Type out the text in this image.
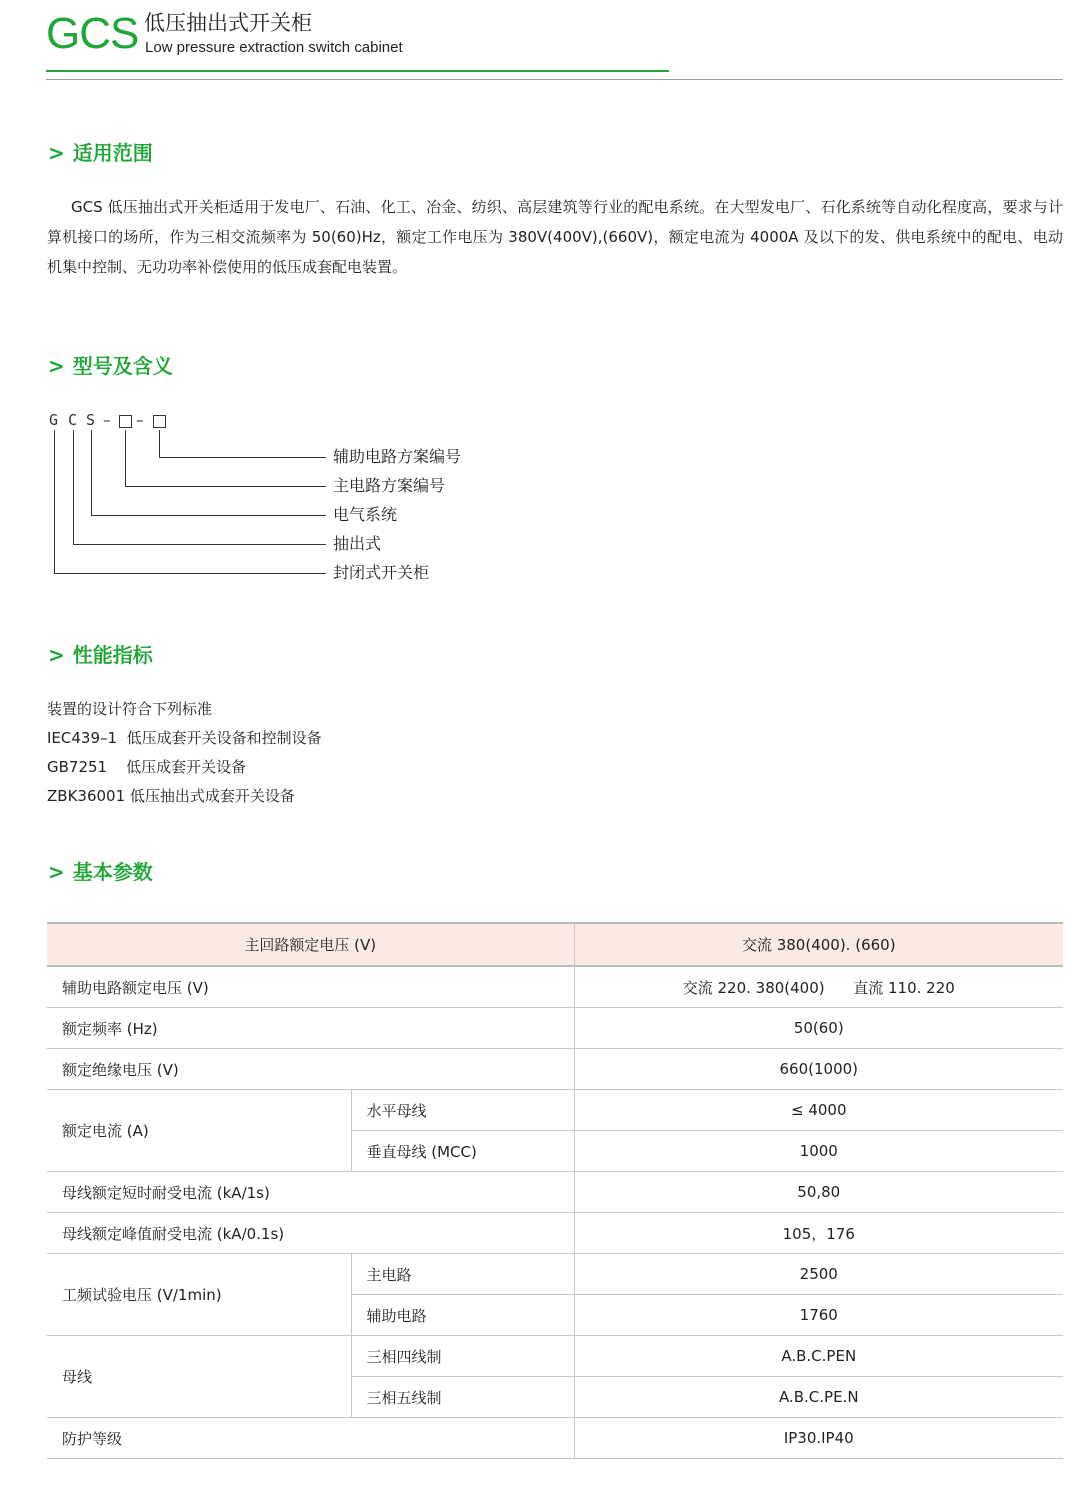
GCS 低压抽出式开关柜
Low pressure extraction switch cabinet
> 适用范围
GCS 低压抽出式开关柜适用于发电厂、石油、化工、冶金、纺织、高层建筑等行业的配电系统。在大型发电厂、石化系统等自动化程度高，要求与计算机接口的场所，作为三相交流频率为 50(60)Hz，额定工作电压为 380V(400V),(660V)，额定电流为 4000A 及以下的发、供电系统中的配电、电动机集中控制、无功功率补偿使用的低压成套配电装置。
> 型号及含义
G C S – –
辅助电路方案编号
主电路方案编号
电气系统
抽出式
封闭式开关柜
> 性能指标
装置的设计符合下列标准
IEC439–1  低压成套开关设备和控制设备
GB7251    低压成套开关设备
ZBK36001 低压抽出式成套开关设备
> 基本参数
主回路额定电压 (V)		交流 380(400). (660)
辅助电路额定电压 (V)		交流 220. 380(400)      直流 110. 220
额定频率 (Hz)		50(60)
额定绝缘电压 (V)		660(1000)
额定电流 (A)	水平母线	≤ 4000
	垂直母线 (MCC)	1000
母线额定短时耐受电流 (kA/1s)		50,80
母线额定峰值耐受电流 (kA/0.1s)		105，176
工频试验电压 (V/1min)	主电路	2500
	辅助电路	1760
母线	三相四线制	A.B.C.PEN
	三相五线制	A.B.C.PE.N
防护等级		IP30.IP40
